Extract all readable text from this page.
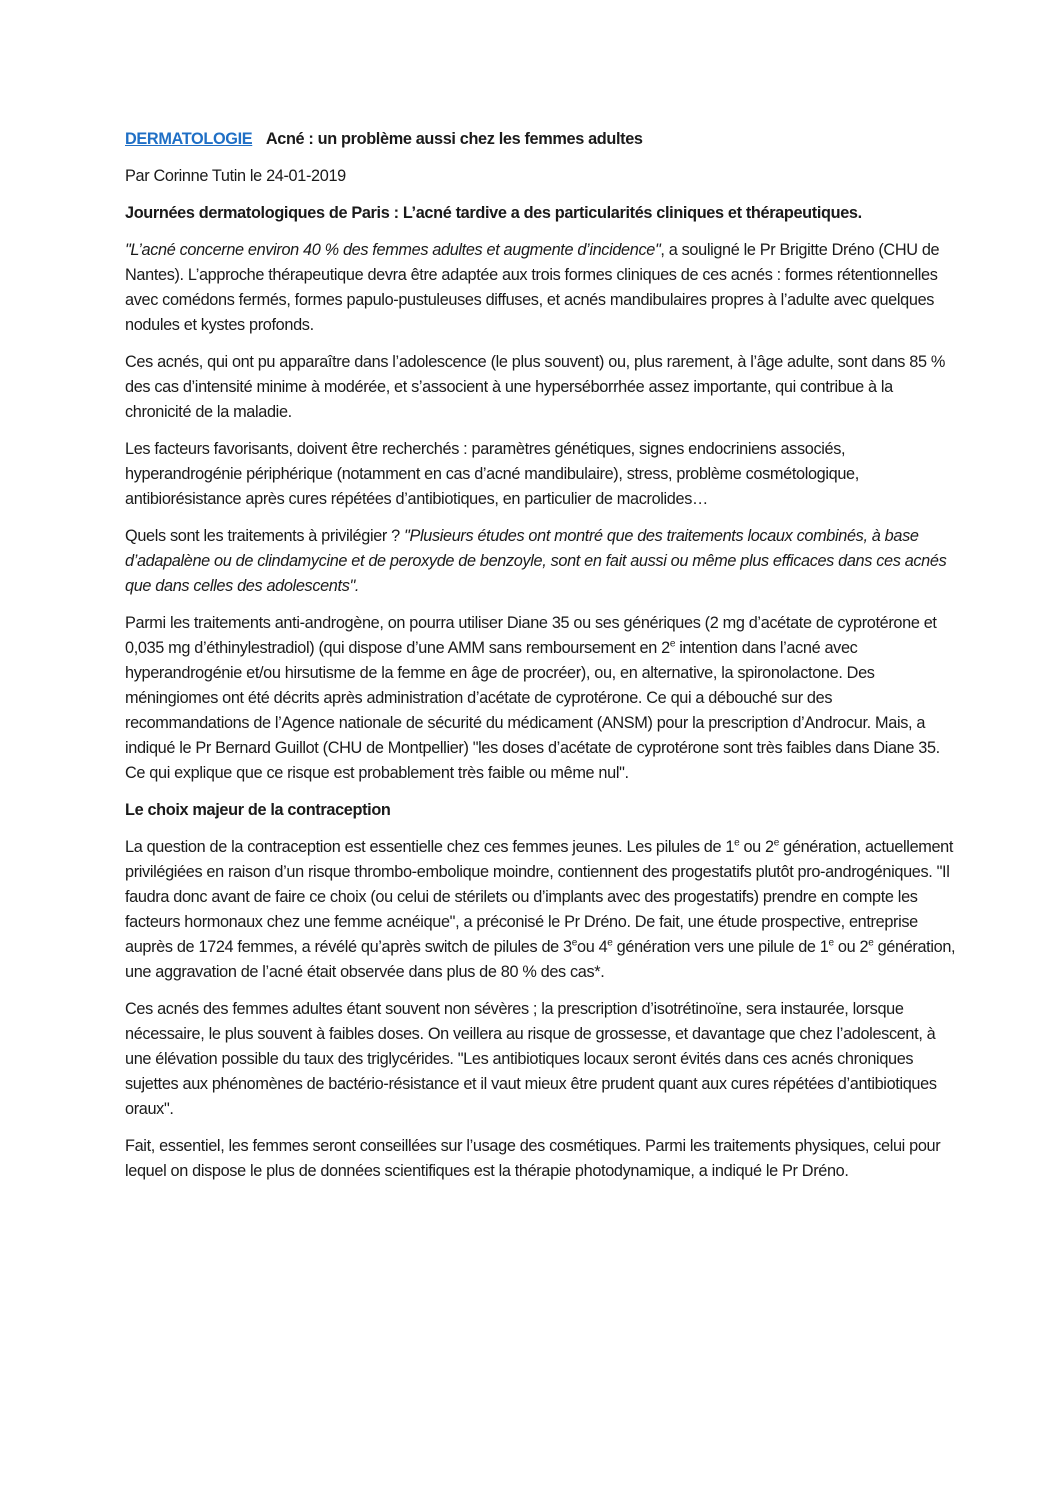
DERMATOLOGIE Acné : un problème aussi chez les femmes adultes

Par Corinne Tutin le 24-01-2019

Journées dermatologiques de Paris : L’acné tardive a des particularités cliniques et thérapeutiques.

"L’acné concerne environ 40 % des femmes adultes et augmente d’incidence", a souligné le Pr Brigitte Dréno (CHU de Nantes). L’approche thérapeutique devra être adaptée aux trois formes cliniques de ces acnés : formes rétentionnelles avec comédons fermés, formes papulo-pustuleuses diffuses, et acnés mandibulaires propres à l’adulte avec quelques nodules et kystes profonds.

Ces acnés, qui ont pu apparaître dans l’adolescence (le plus souvent) ou, plus rarement, à l’âge adulte, sont dans 85 % des cas d’intensité minime à modérée, et s’associent à une hyperséborrhée assez importante, qui contribue à la chronicité de la maladie.

Les facteurs favorisants, doivent être recherchés : paramètres génétiques, signes endocriniens associés, hyperandrogénie périphérique (notamment en cas d’acné mandibulaire), stress, problème cosmétologique, antibiorésistance après cures répétées d’antibiotiques, en particulier de macrolides…

Quels sont les traitements à privilégier ? "Plusieurs études ont montré que des traitements locaux combinés, à base d’adapalène ou de clindamycine et de peroxyde de benzoyle, sont en fait aussi ou même plus efficaces dans ces acnés que dans celles des adolescents".

Parmi les traitements anti-androgène, on pourra utiliser Diane 35 ou ses génériques (2 mg d’acétate de cyprotérone et 0,035 mg d’éthinylestradiol) (qui dispose d’une AMM sans remboursement en 2e intention dans l’acné avec hyperandrogénie et/ou hirsutisme de la femme en âge de procréer), ou, en alternative, la spironolactone. Des méningiomes ont été décrits après administration d’acétate de cyprotérone. Ce qui a débouché sur des recommandations de l’Agence nationale de sécurité du médicament (ANSM) pour la prescription d’Androcur. Mais, a indiqué le Pr Bernard Guillot (CHU de Montpellier) "les doses d’acétate de cyprotérone sont très faibles dans Diane 35. Ce qui explique que ce risque est probablement très faible ou même nul".

Le choix majeur de la contraception

La question de la contraception est essentielle chez ces femmes jeunes. Les pilules de 1e ou 2e génération, actuellement privilégiées en raison d’un risque thrombo-embolique moindre, contiennent des progestatifs plutôt pro-androgéniques. "Il faudra donc avant de faire ce choix (ou celui de stérilets ou d’implants avec des progestatifs) prendre en compte les facteurs hormonaux chez une femme acnéique", a préconisé le Pr Dréno. De fait, une étude prospective, entreprise auprès de 1724 femmes, a révélé qu’après switch de pilules de 3eou 4e génération vers une pilule de 1e ou 2e génération, une aggravation de l’acné était observée dans plus de 80 % des cas*.

Ces acnés des femmes adultes étant souvent non sévères ; la prescription d’isotrétinoïne, sera instaurée, lorsque nécessaire, le plus souvent à faibles doses. On veillera au risque de grossesse, et davantage que chez l’adolescent, à une élévation possible du taux des triglycérides. "Les antibiotiques locaux seront évités dans ces acnés chroniques sujettes aux phénomènes de bactério-résistance et il vaut mieux être prudent quant aux cures répétées d’antibiotiques oraux".

Fait, essentiel, les femmes seront conseillées sur l’usage des cosmétiques. Parmi les traitements physiques, celui pour lequel on dispose le plus de données scientifiques est la thérapie photodynamique, a indiqué le Pr Dréno.
